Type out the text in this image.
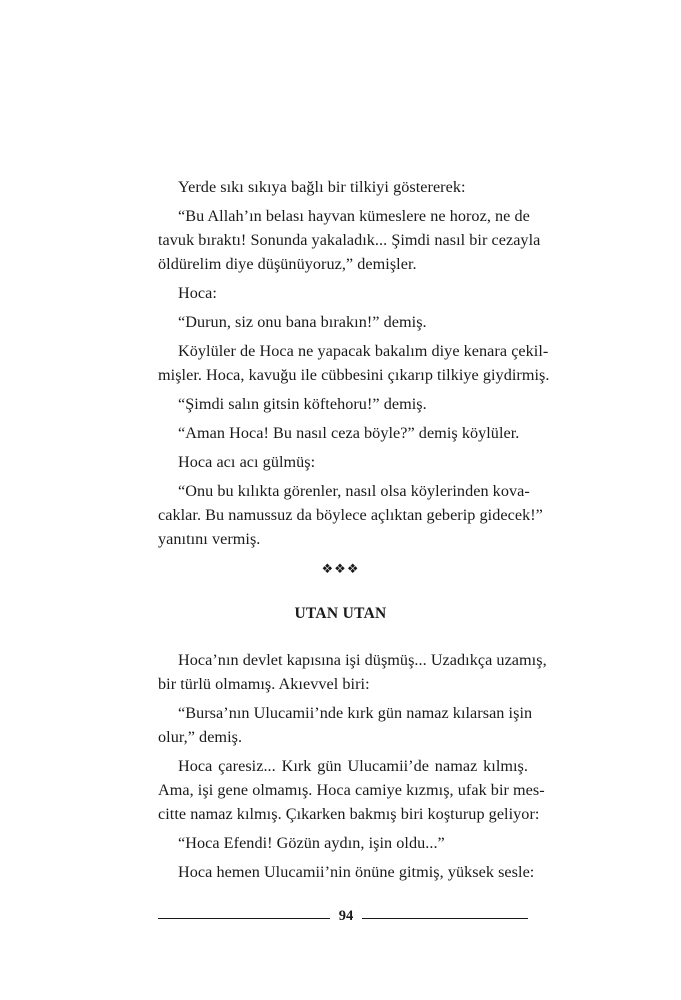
Yerde sıkı sıkıya bağlı bir tilkiyi göstererek:
“Bu Allah’ın belası hayvan kümeslere ne horoz, ne de
tavuk bıraktı! Sonunda yakaladık... Şimdi nasıl bir cezayla
öldürelim diye düşünüyoruz,” demişler.
Hoca:
“Durun, siz onu bana bırakın!” demiş.
Köylüler de Hoca ne yapacak bakalım diye kenara çekil-
mişler. Hoca, kavuğu ile cübbesini çıkarıp tilkiye giydirmiş.
“Şimdi salın gitsin köftehoru!” demiş.
“Aman Hoca! Bu nasıl ceza böyle?” demiş köylüler.
Hoca acı acı gülmüş:
“Onu bu kılıkta görenler, nasıl olsa köylerinden kova-
caklar. Bu namussuz da böylece açlıktan geberip gidecek!”
yanıtını vermiş.
❖❖❖
UTAN UTAN
Hoca’nın devlet kapısına işi düşmüş... Uzadıkça uzamış,
bir türlü olmamış. Akıevvel biri:
“Bursa’nın Ulucamii’nde kırk gün namaz kılarsan işin
olur,” demiş.
Hoca çaresiz... Kırk gün Ulucamii’de namaz kılmış.
Ama, işi gene olmamış. Hoca camiye kızmış, ufak bir mes-
citte namaz kılmış. Çıkarken bakmış biri koşturup geliyor:
“Hoca Efendi! Gözün aydın, işin oldu...”
Hoca hemen Ulucamii’nin önüne gitmiş, yüksek sesle:
94
